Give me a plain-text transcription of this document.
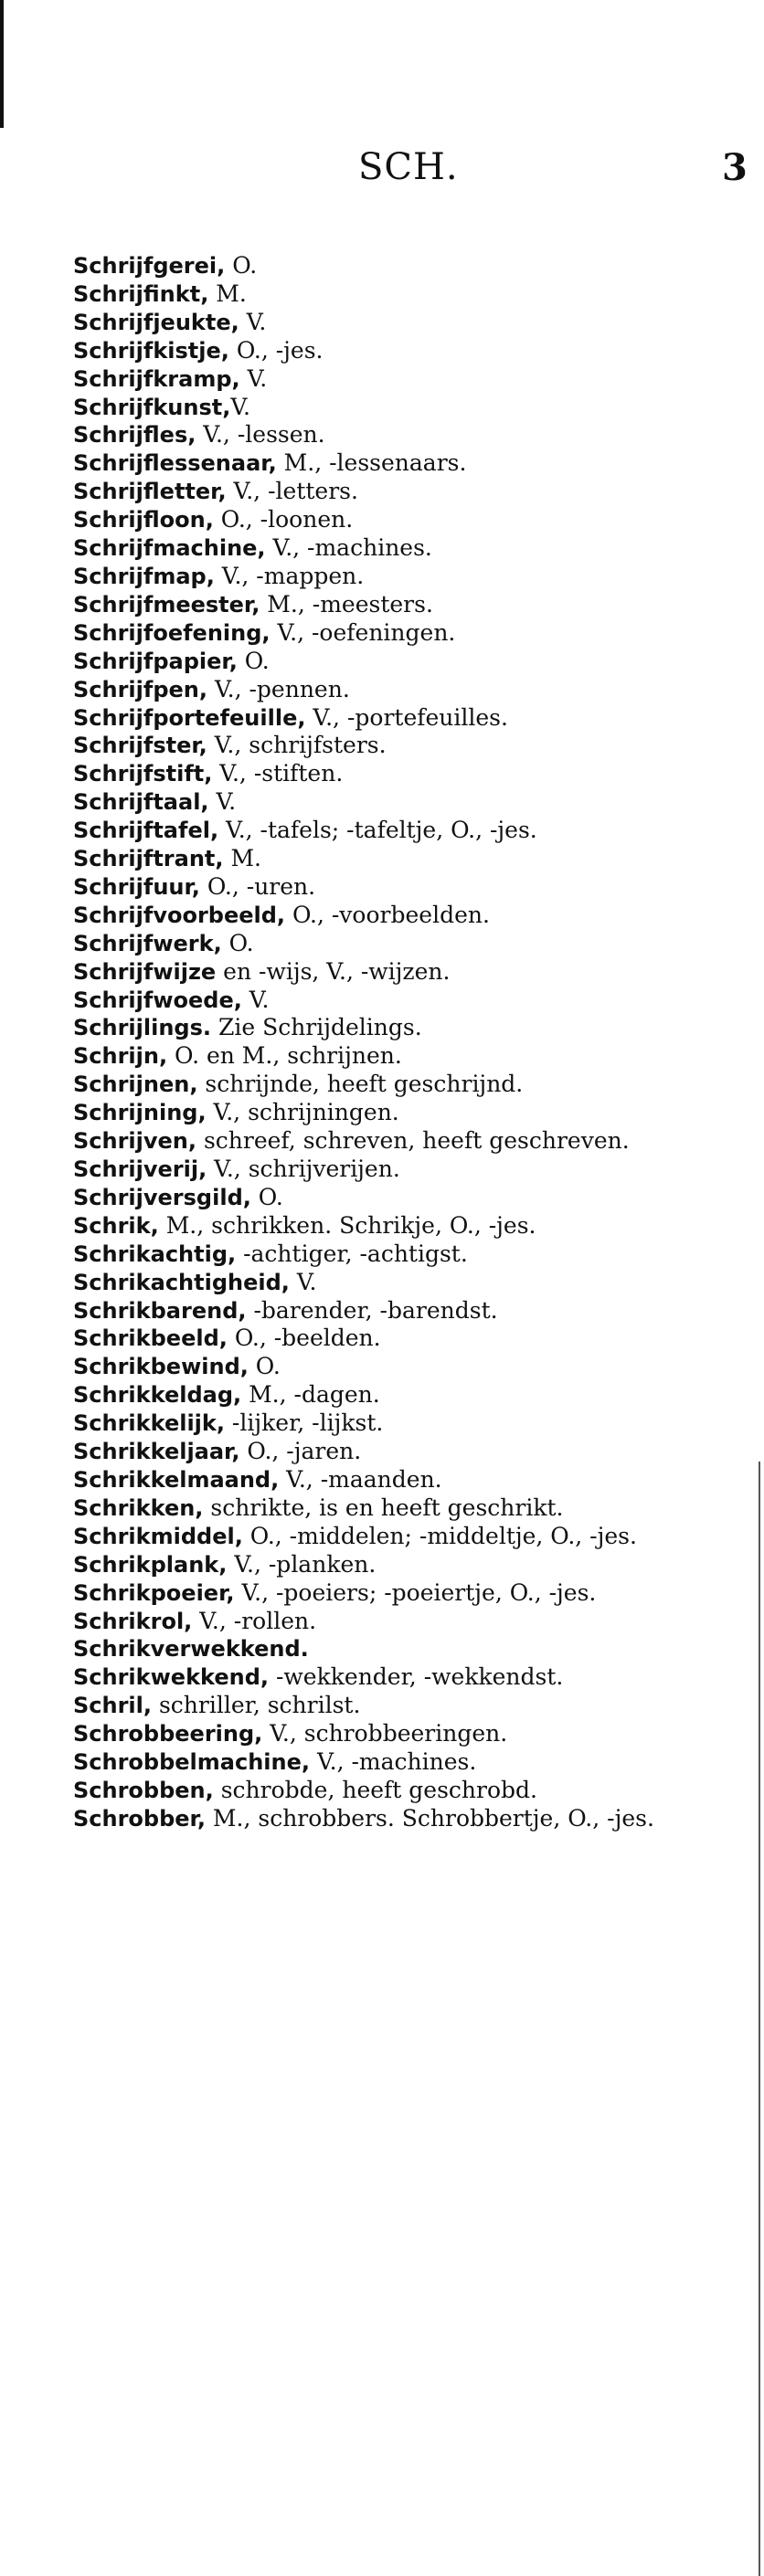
SCH.	3
Schrijfgerei, O.
Schrijfinkt, M.
Schrijfjeukte, V.
Schrijfkistje, O., -jes.
Schrijfkramp, V.
Schrijfkunst,V.
Schrijfles, V., -lessen.
Schrijflessenaar, M., -lessenaars.
Schrijfletter, V., -letters.
Schrijfloon, O., -loonen.
Schrijfmachine, V., -machines.
Schrijfmap, V., -mappen.
Schrijfmeester, M., -meesters.
Schrijfoefening, V., -oefeningen.
Schrijfpapier, O.
Schrijfpen, V., -pennen.
Schrijfportefeuille, V., -portefeuilles.
Schrijfster, V., schrijfsters.
Schrijfstift, V., -stiften.
Schrijftaal, V.
Schrijftafel, V., -tafels; -tafeltje, O., -jes.
Schrijftrant, M.
Schrijfuur, O., -uren.
Schrijfvoorbeeld, O., -voorbeelden.
Schrijfwerk, O.
Schrijfwijze en -wijs, V., -wijzen.
Schrijfwoede, V.
Schrijlings. Zie Schrijdelings.
Schrijn, O. en M., schrijnen.
Schrijnen, schrijnde, heeft geschrijnd.
Schrijning, V., schrijningen.
Schrijven, schreef, schreven, heeft geschreven.
Schrijverij, V., schrijverijen.
Schrijversgild, O.
Schrik, M., schrikken. Schrikje, O., -jes.
Schrikachtig, -achtiger, -achtigst.
Schrikachtigheid, V.
Schrikbarend, -barender, -barendst.
Schrikbeeld, O., -beelden.
Schrikbewind, O.
Schrikkeldag, M., -dagen.
Schrikkelijk, -lijker, -lijkst.
Schrikkeljaar, O., -jaren.
Schrikkelmaand, V., -maanden.
Schrikken, schrikte, is en heeft geschrikt.
Schrikmiddel, O., -middelen; -middeltje, O., -jes.
Schrikplank, V., -planken.
Schrikpoeier, V., -poeiers; -poeiertje, O., -jes.
Schrikrol, V., -rollen.
Schrikverwekkend.
Schrikwekkend, -wekkender, -wekkendst.
Schril, schriller, schrilst.
Schrobbeering, V., schrobbeeringen.
Schrobbelmachine, V., -machines.
Schrobben, schrobde, heeft geschrobd.
Schrobber, M., schrobbers. Schrobbertje, O., -jes.
